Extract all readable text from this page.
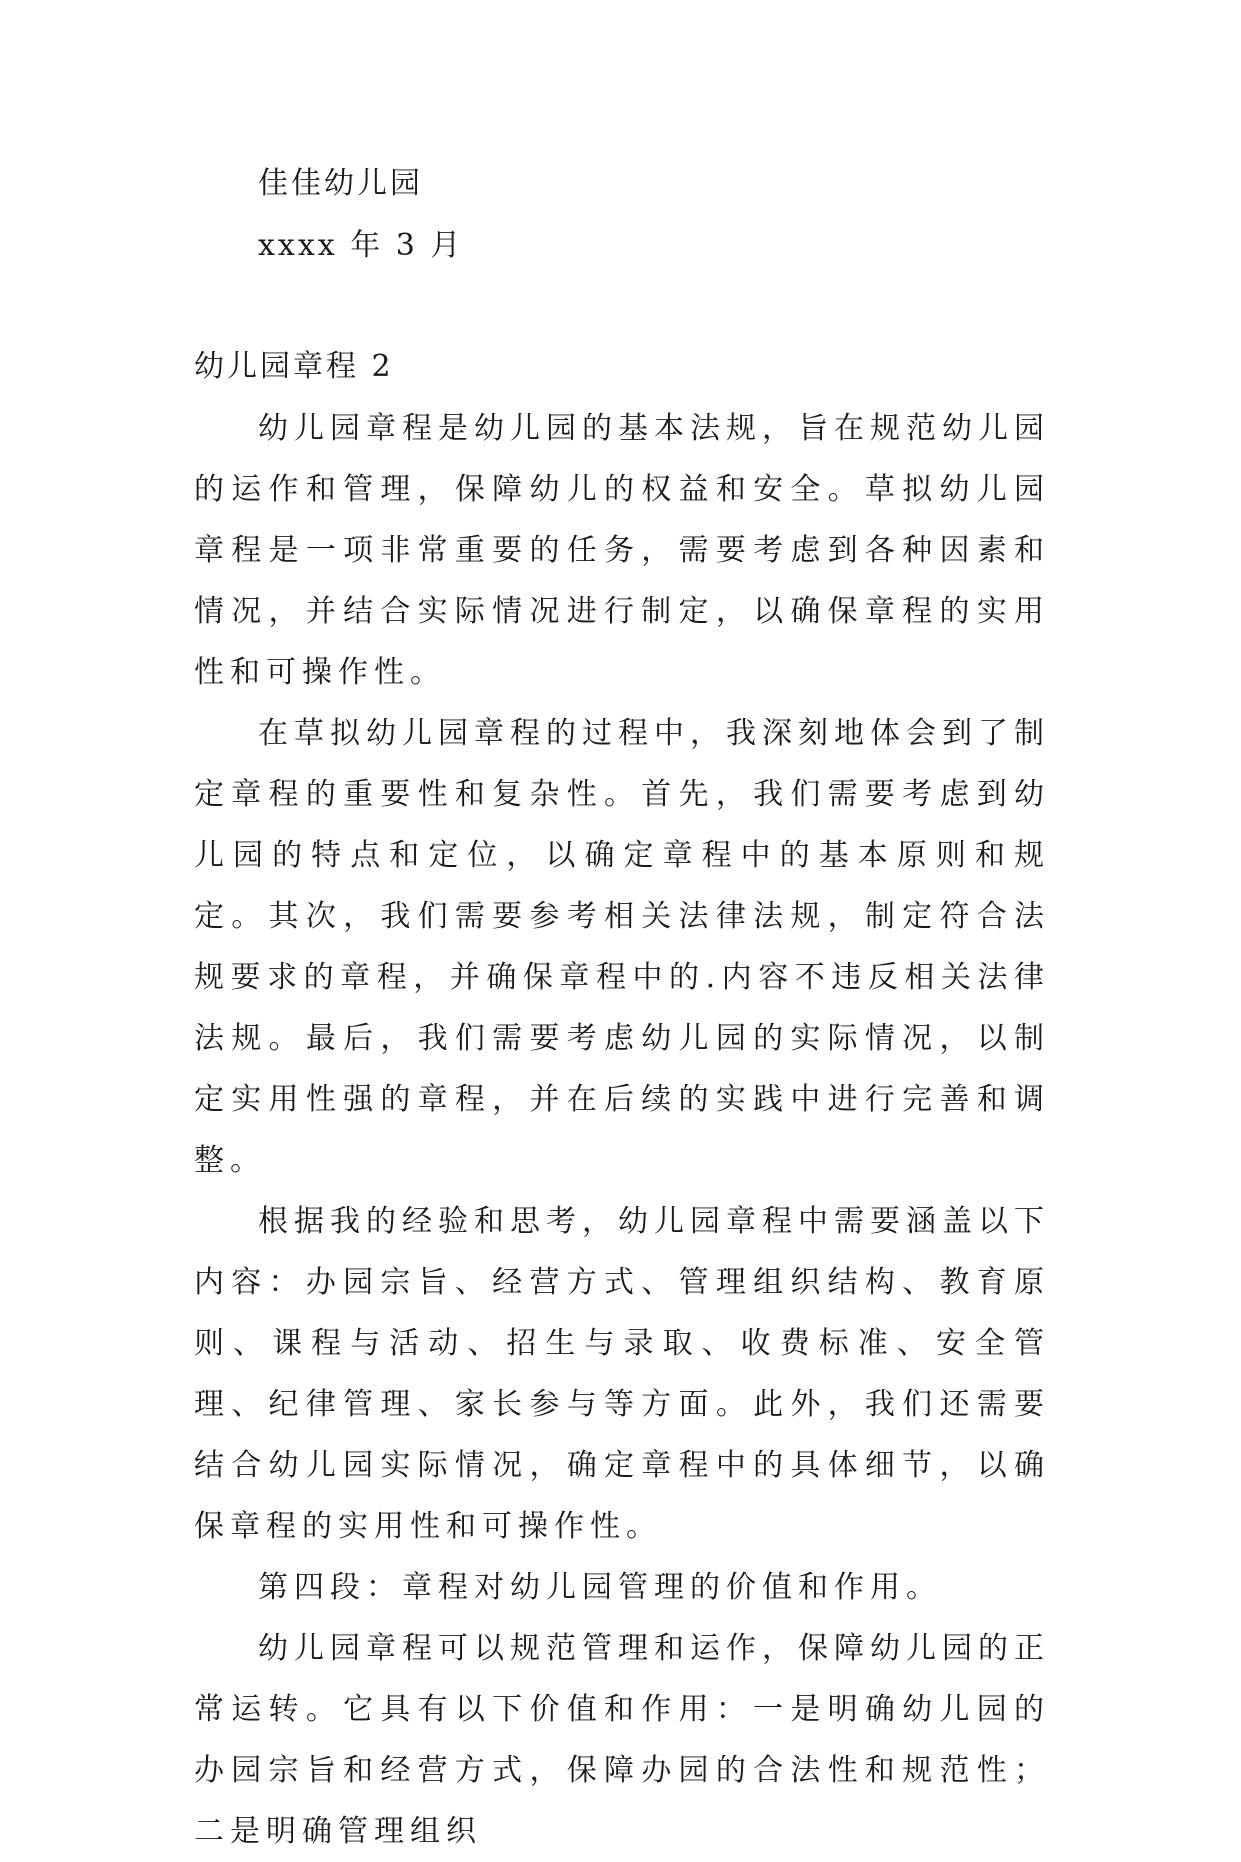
佳佳幼儿园
xxxx 年 3 月
幼儿园章程 2

幼儿园章程是幼儿园的基本法规，旨在规范幼儿园的运作和管理，保障幼儿的权益和安全。草拟幼儿园章程是一项非常重要的任务，需要考虑到各种因素和情况，并结合实际情况进行制定，以确保章程的实用性和可操作性。

在草拟幼儿园章程的过程中，我深刻地体会到了制定章程的重要性和复杂性。首先，我们需要考虑到幼儿园的特点和定位，以确定章程中的基本原则和规定。其次，我们需要参考相关法律法规，制定符合法规要求的章程，并确保章程中的.内容不违反相关法律法规。最后，我们需要考虑幼儿园的实际情况，以制定实用性强的章程，并在后续的实践中进行完善和调整。

根据我的经验和思考，幼儿园章程中需要涵盖以下内容：办园宗旨、经营方式、管理组织结构、教育原则、课程与活动、招生与录取、收费标准、安全管理、纪律管理、家长参与等方面。此外，我们还需要结合幼儿园实际情况，确定章程中的具体细节，以确保章程的实用性和可操作性。

第四段：章程对幼儿园管理的价值和作用。

幼儿园章程可以规范管理和运作，保障幼儿园的正常运转。它具有以下价值和作用：一是明确幼儿园的办园宗旨和经营方式，保障办园的合法性和规范性；二是明确管理组织
